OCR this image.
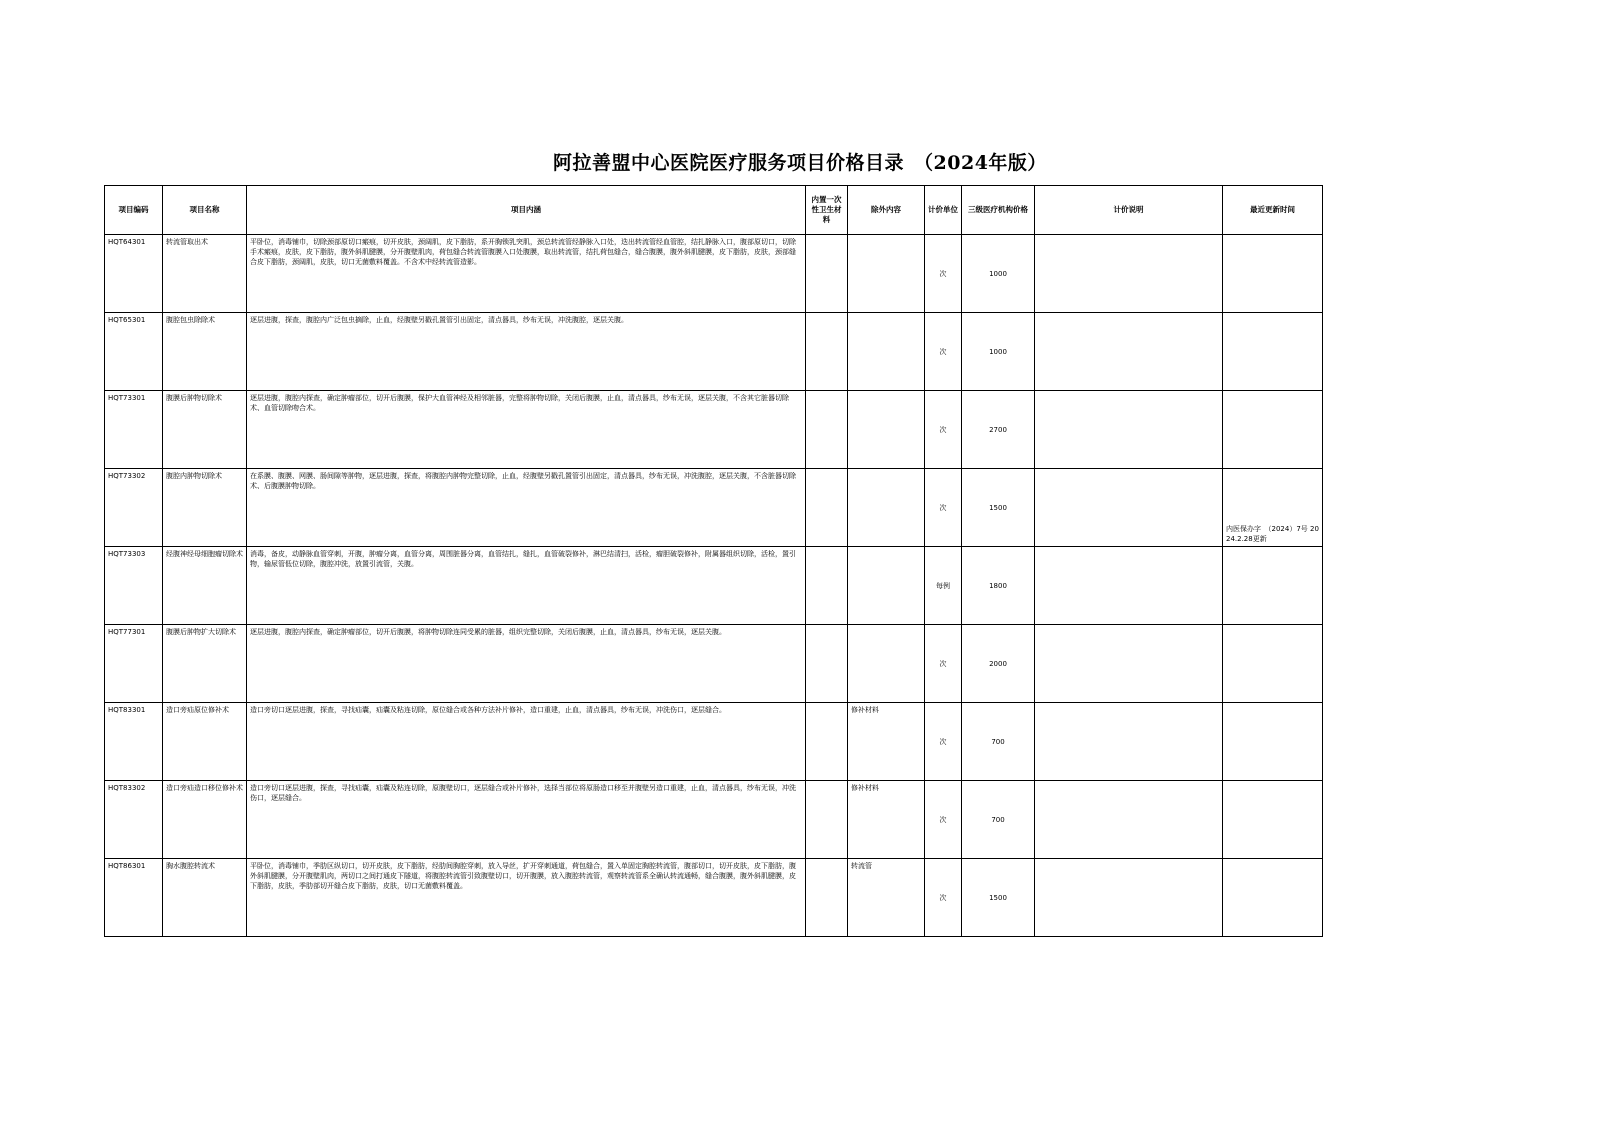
阿拉善盟中心医院医疗服务项目价格目录　（2024年版）
项目编码	项目名称	项目内涵	内置一次性卫生材料	除外内容	计价单位	三级医疗机构价格	计价说明	最近更新时间
HQT64301	转流管取出术	平卧位，消毒铺巾，切除颈部原切口瘢痕，切开皮肤，颈阔肌，皮下脂肪，系开胸锁乳突肌，颈总转流管经静脉入口处，迭出转流管经血管腔，结扎静脉入口，腹部原切口，切除手术瘢痕，皮肤，皮下脂肪，腹外斜肌腱膜，分开腹壁肌肉，荷包缝合转流管腹膜入口处腹膜，取出转流管，结扎荷包缝合，缝合腹膜，腹外斜肌腱膜，皮下脂肪，皮肤，颈部缝合皮下脂肪，颈阔肌，皮肤，切口无菌敷料覆盖。不含术中经转流管造影。			次	1000		
HQT65301	腹腔包虫除除术	逐层进腹，探查，腹腔内广泛包虫摘除，止血，经腹壁另戳孔置管引出固定，清点器具，纱布无误，冲洗腹腔，逐层关腹。			次	1000		
HQT73301	腹膜后肿物切除术	逐层进腹，腹腔内探查，确定肿瘤部位，切开后腹膜，保护大血管神经及相邻脏器，完整将肿物切除，关闭后腹膜，止血，清点器具，纱布无误，逐层关腹，不含其它脏器切除术、血管切除吻合术。			次	2700		
HQT73302	腹腔内肿物切除术	在系膜、腹膜、网膜、肠间隙等肿物，逐层进腹，探查，将腹腔内肿物完整切除，止血，经腹壁另戳孔置管引出固定，清点器具，纱布无误，冲洗腹腔，逐层关腹，不含脏器切除术、后腹膜肿物切除。			次	1500		内医保办字　（2024）7号 2024.2.28更新
HQT73303	经腹神经母细胞瘤切除术	消毒，备皮，动静脉血管穿刺，开腹，肿瘤分离，血管分离，周围脏器分离，血管结扎，缝扎，血管破裂修补，淋巴结清扫，活检，瘤胆破裂修补，附属器组织切除，活检，置引物，输尿管低位切除，腹腔冲洗，放置引流管，关腹。			每例	1800		
HQT77301	腹膜后肿物扩大切除术	逐层进腹，腹腔内探查，确定肿瘤部位，切开后腹膜，将肿物切除连同受累的脏器，组织完整切除，关闭后腹膜，止血，清点器具，纱布无误，逐层关腹。			次	2000		
HQT83301	造口旁疝原位修补术	造口旁切口逐层进腹，探查，寻找疝囊，疝囊及粘连切除，原位缝合或各种方法补片修补，造口重建，止血，清点器具，纱布无误，冲洗伤口，逐层缝合。		修补材料	次	700		
HQT83302	造口旁疝造口移位修补术	造口旁切口逐层进腹，探查，寻找疝囊，疝囊及粘连切除，原腹壁切口，逐层缝合或补片修补，选择当部位将原肠造口移至并腹壁另造口重建，止血，清点器具，纱布无误，冲洗伤口，逐层缝合。		修补材料	次	700		
HQT86301	胸水腹腔转流术	平卧位，消毒铺巾，季肋区纵切口，切开皮肤，皮下脂肪，经肋间胸腔穿刺，放入导丝，扩开穿刺通道，荷包缝合，置入单固定胸腔转流管，腹部切口，切开皮肤，皮下脂肪，腹外斜肌腱膜，分开腹壁肌肉，两切口之间打通皮下隧道，将腹腔转流管引致腹壁切口，切开腹膜，放入腹腔转流管，观察转流管系全确认转流通畅，缝合腹膜，腹外斜肌腱膜，皮下脂肪，皮肤，季肋部切开缝合皮下脂肪，皮肤，切口无菌敷料覆盖。		转流管	次	1500		
